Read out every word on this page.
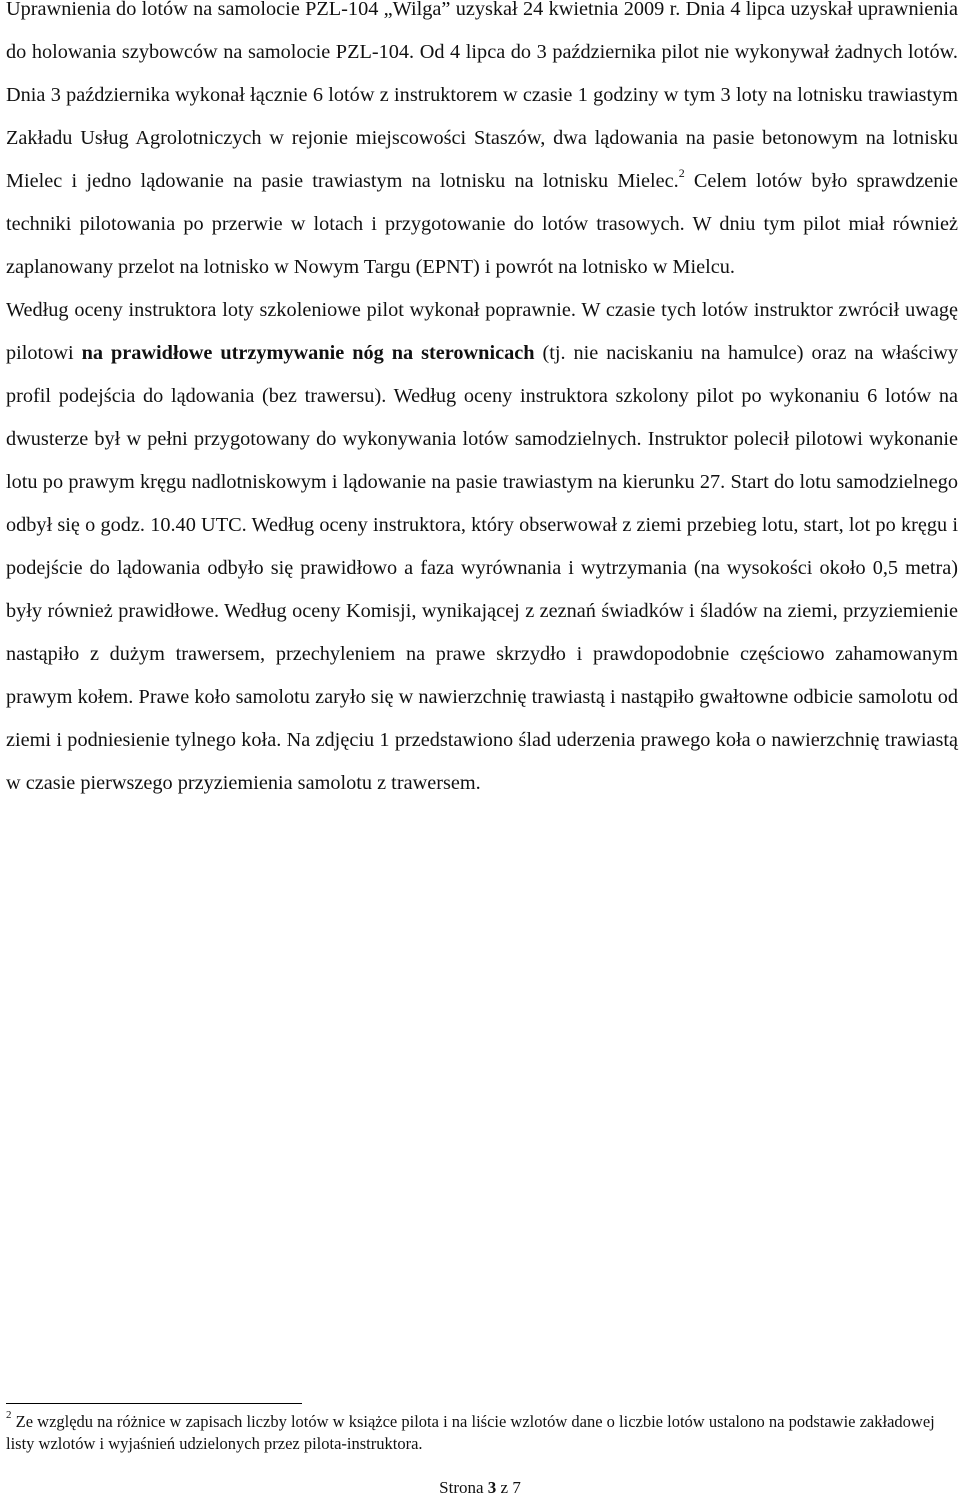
Uprawnienia do lotów na samolocie PZL-104 „Wilga” uzyskał 24 kwietnia 2009 r. Dnia 4 lipca uzyskał uprawnienia do holowania szybowców na samolocie PZL-104. Od 4 lipca do 3 października pilot nie wykonywał żadnych lotów. Dnia 3 października wykonał łącznie 6 lotów z instruktorem w czasie 1 godziny w tym 3 loty na lotnisku trawiastym Zakładu Usług Agrolotniczych w rejonie miejscowości Staszów, dwa lądowania na pasie betonowym na lotnisku Mielec i jedno lądowanie na pasie trawiastym na lotnisku na lotnisku Mielec.$^2$ Celem lotów było sprawdzenie techniki pilotowania po przerwie w lotach i przygotowanie do lotów trasowych. W dniu tym pilot miał również zaplanowany przelot na lotnisko w Nowym Targu (EPNT) i powrót na lotnisko w Mielcu.

Według oceny instruktora loty szkoleniowe pilot wykonał poprawnie. W czasie tych lotów instruktor zwrócił uwagę pilotowi na prawidłowe utrzymywanie nóg na sterownicach (tj. nie naciskaniu na hamulce) oraz na właściwy profil podejścia do lądowania (bez trawersu). Według oceny instruktora szkolony pilot po wykonaniu 6 lotów na dwusterze był w pełni przygotowany do wykonywania lotów samodzielnych. Instruktor polecił pilotowi wykonanie lotu po prawym kręgu nadlotniskowym i lądowanie na pasie trawiastym na kierunku 27. Start do lotu samodzielnego odbył się o godz. 10.40 UTC. Według oceny instruktora, który obserwował z ziemi przebieg lotu, start, lot po kręgu i podejście do lądowania odbyło się prawidłowo a faza wyrównania i wytrzymania (na wysokości około 0,5 metra) były również prawidłowe. Według oceny Komisji, wynikającej z zeznań świadków i śladów na ziemi, przyziemienie nastąpiło z dużym trawersem, przechyleniem na prawe skrzydło i prawdopodobnie częściowo zahamowanym prawym kołem. Prawe koło samolotu zaryło się w nawierzchnię trawiastą i nastąpiło gwałtowne odbicie samolotu od ziemi i podniesienie tylnego koła. Na zdjęciu 1 przedstawiono ślad uderzenia prawego koła o nawierzchnię trawiastą w czasie pierwszego przyziemienia samolotu z trawersem.

$^2$ Ze względu na różnice w zapisach liczby lotów w książce pilota i na liście wzlotów dane o liczbie lotów ustalono na podstawie zakładowej listy wzlotów i wyjaśnień udzielonych przez pilota-instruktora.

Strona 3 z 7
